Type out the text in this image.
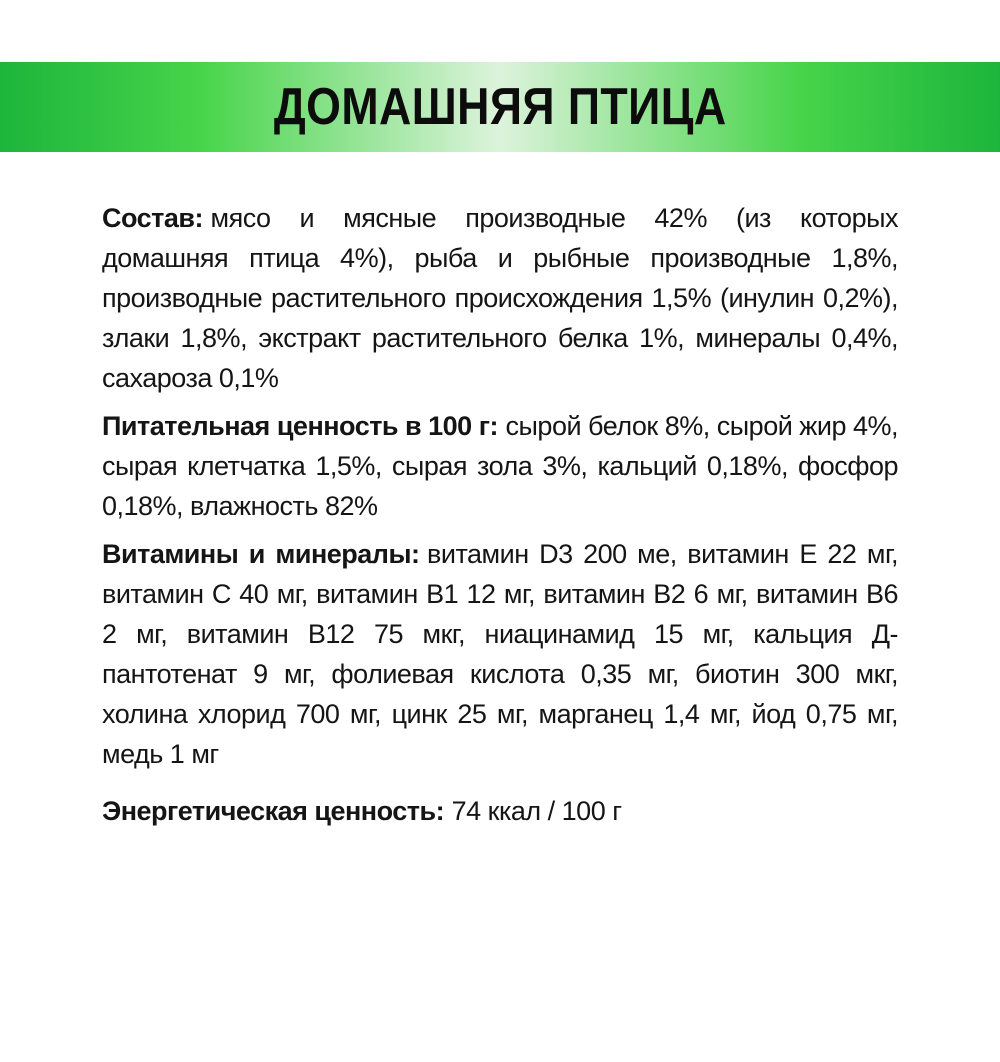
ДОМАШНЯЯ ПТИЦА

Состав: мясо и мясные производные 42% (из которых домашняя птица 4%), рыба и рыбные производные 1,8%, производные растительного происхождения 1,5% (инулин 0,2%), злаки 1,8%, экстракт растительного белка 1%, минералы 0,4%, сахароза 0,1%

Питательная ценность в 100 г: сырой белок 8%, сырой жир 4%, сырая клетчатка 1,5%, сырая зола 3%, кальций 0,18%, фосфор 0,18%, влажность 82%

Витамины и минералы: витамин D3 200 ме, витамин E 22 мг, витамин C 40 мг, витамин B1 12 мг, витамин B2 6 мг, витамин B6 2 мг, витамин B12 75 мкг, ниацинамид 15 мг, кальция Д-пантотенат 9 мг, фолиевая кислота 0,35 мг, биотин 300 мкг, холина хлорид 700 мг, цинк 25 мг, марганец 1,4 мг, йод 0,75 мг, медь 1 мг

Энергетическая ценность: 74 ккал / 100 г
